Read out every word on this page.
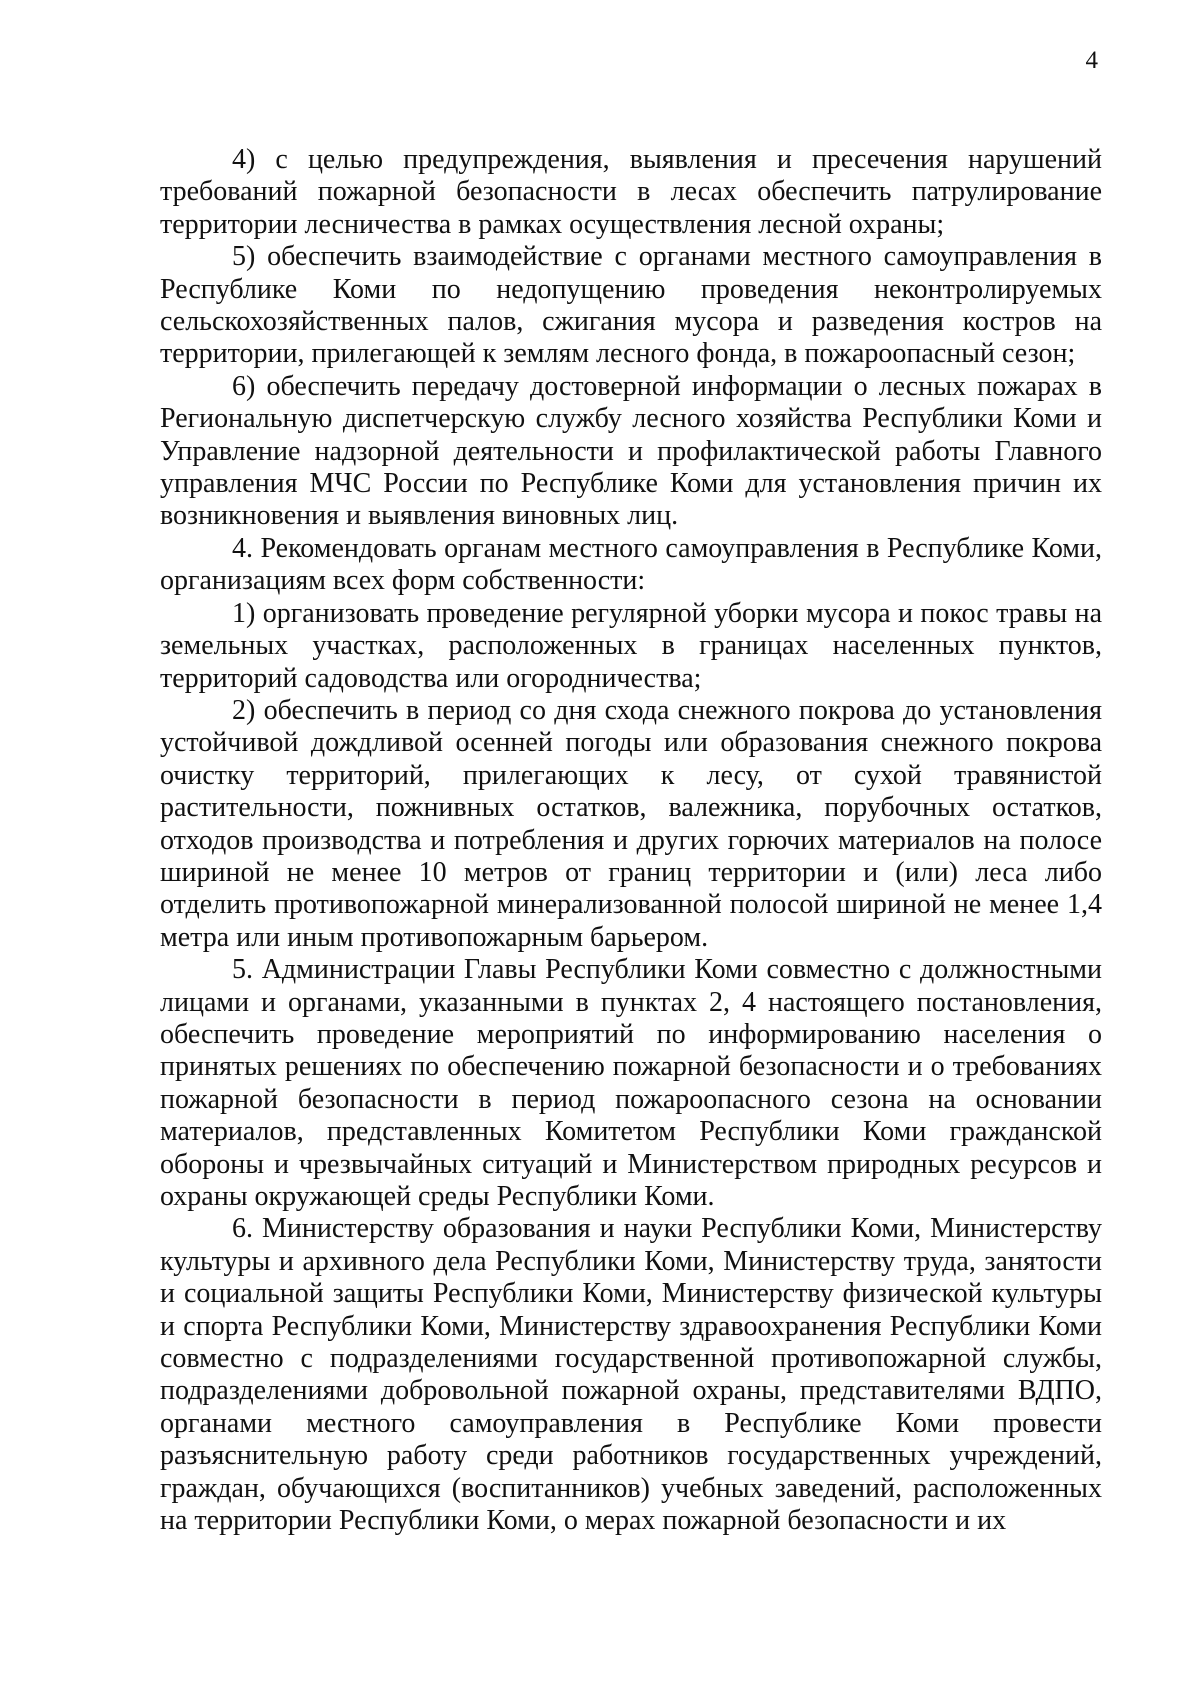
4

4) с целью предупреждения, выявления и пресечения нарушений требований пожарной безопасности в лесах обеспечить патрулирование территории лесничества в рамках осуществления лесной охраны;

5) обеспечить взаимодействие с органами местного самоуправления в Республике Коми по недопущению проведения неконтролируемых сельскохозяйственных палов, сжигания мусора и разведения костров на территории, прилегающей к землям лесного фонда, в пожароопасный сезон;

6) обеспечить передачу достоверной информации о лесных пожарах в Региональную диспетчерскую службу лесного хозяйства Республики Коми и Управление надзорной деятельности и профилактической работы Главного управления МЧС России по Республике Коми для установления причин их возникновения и выявления виновных лиц.

4. Рекомендовать органам местного самоуправления в Республике Коми, организациям всех форм собственности:

1) организовать проведение регулярной уборки мусора и покос травы на земельных участках, расположенных в границах населенных пунктов, территорий садоводства или огородничества;

2) обеспечить в период со дня схода снежного покрова до установления устойчивой дождливой осенней погоды или образования снежного покрова очистку территорий, прилегающих к лесу, от сухой травянистой растительности, пожнивных остатков, валежника, порубочных остатков, отходов производства и потребления и других горючих материалов на полосе шириной не менее 10 метров от границ территории и (или) леса либо отделить противопожарной минерализованной полосой шириной не менее 1,4 метра или иным противопожарным барьером.

5. Администрации Главы Республики Коми совместно с должностными лицами и органами, указанными в пунктах 2, 4 настоящего постановления, обеспечить проведение мероприятий по информированию населения о принятых решениях по обеспечению пожарной безопасности и о требованиях пожарной безопасности в период пожароопасного сезона на основании материалов, представленных Комитетом Республики Коми гражданской обороны и чрезвычайных ситуаций и Министерством природных ресурсов и охраны окружающей среды Республики Коми.

6. Министерству образования и науки Республики Коми, Министерству культуры и архивного дела Республики Коми, Министерству труда, занятости и социальной защиты Республики Коми, Министерству физической культуры и спорта Республики Коми, Министерству здравоохранения Республики Коми совместно с подразделениями государственной противопожарной службы, подразделениями добровольной пожарной охраны, представителями ВДПО, органами местного самоуправления в Республике Коми провести разъяснительную работу среди работников государственных учреждений, граждан, обучающихся (воспитанников) учебных заведений, расположенных на территории Республики Коми, о мерах пожарной безопасности и их
